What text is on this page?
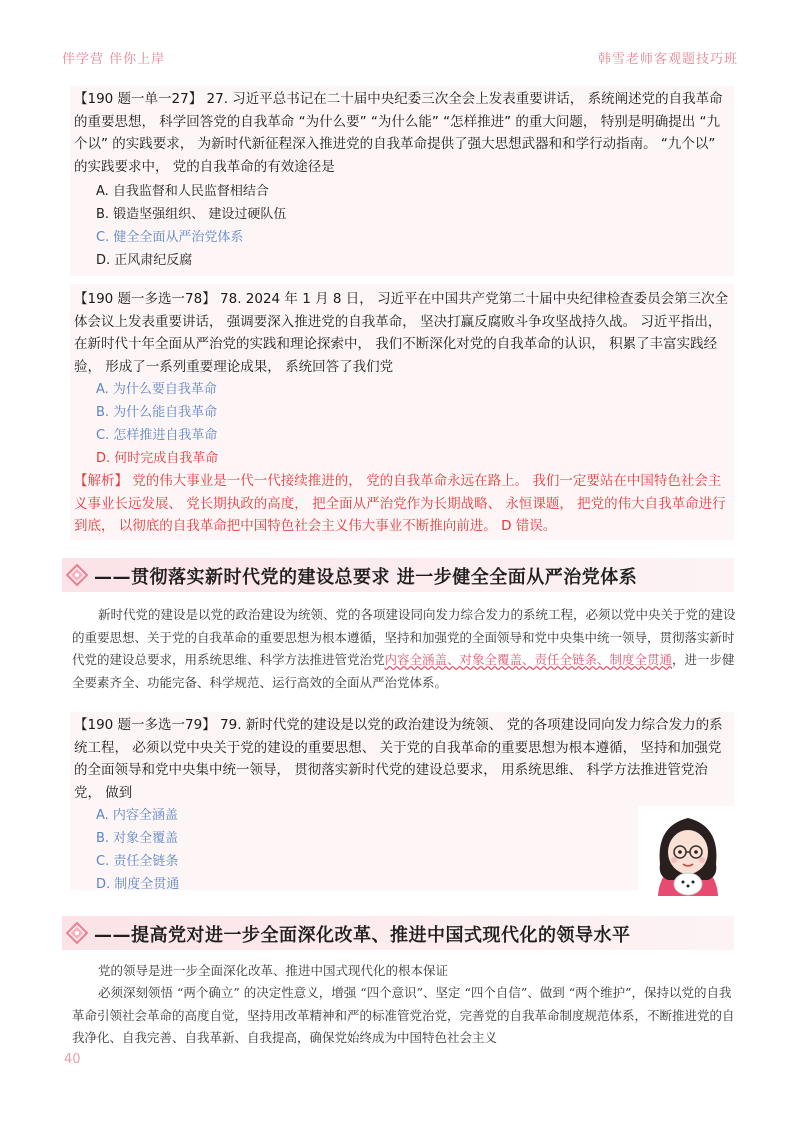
伴学营 伴你上岸	韩雪老师客观题技巧班
【190 题一单一27】 27. 习近平总书记在二十届中央纪委三次全会上发表重要讲话， 系统阐述党的自我革命的重要思想， 科学回答党的自我革命 “为什么要” “为什么能” “怎样推进” 的重大问题， 特别是明确提出 “九个以” 的实践要求， 为新时代新征程深入推进党的自我革命提供了强大思想武器和和学行动指南。 “九个以” 的实践要求中， 党的自我革命的有效途径是
A. 自我监督和人民监督相结合
B. 锻造坚强组织、 建设过硬队伍
C. 健全全面从严治党体系
D. 正风肃纪反腐
【190 题一多选一78】 78. 2024 年 1 月 8 日， 习近平在中国共产党第二十届中央纪律检查委员会第三次全体会议上发表重要讲话， 强调要深入推进党的自我革命， 坚决打赢反腐败斗争攻坚战持久战。 习近平指出， 在新时代十年全面从严治党的实践和理论探索中， 我们不断深化对党的自我革命的认识， 积累了丰富实践经验， 形成了一系列重要理论成果， 系统回答了我们党
A. 为什么要自我革命
B. 为什么能自我革命
C. 怎样推进自我革命
D. 何时完成自我革命
【解析】 党的伟大事业是一代一代接续推进的， 党的自我革命永远在路上。 我们一定要站在中国特色社会主义事业长远发展、 党长期执政的高度， 把全面从严治党作为长期战略、 永恒课题， 把党的伟大自我革命进行到底， 以彻底的自我革命把中国特色社会主义伟大事业不断推向前进。 D 错误。
——贯彻落实新时代党的建设总要求 进一步健全全面从严治党体系
新时代党的建设是以党的政治建设为统领、党的各项建设同向发力综合发力的系统工程，必须以党中央关于党的建设的重要思想、关于党的自我革命的重要思想为根本遵循，坚持和加强党的全面领导和党中央集中统一领导，贯彻落实新时代党的建设总要求，用系统思维、科学方法推进管党治党内容全涵盖、对象全覆盖、责任全链条、制度全贯通，进一步健全要素齐全、功能完备、科学规范、运行高效的全面从严治党体系。
【190 题一多选一79】 79. 新时代党的建设是以党的政治建设为统领、 党的各项建设同向发力综合发力的系统工程， 必须以党中央关于党的建设的重要思想、 关于党的自我革命的重要思想为根本遵循， 坚持和加强党的全面领导和党中央集中统一领导， 贯彻落实新时代党的建设总要求， 用系统思维、 科学方法推进管党治党， 做到
A. 内容全涵盖
B. 对象全覆盖
C. 责任全链条
D. 制度全贯通
——提高党对进一步全面深化改革、推进中国式现代化的领导水平
党的领导是进一步全面深化改革、推进中国式现代化的根本保证
必须深刻领悟 “两个确立” 的决定性意义，增强 “四个意识”、坚定 “四个自信”、做到 “两个维护”，保持以党的自我革命引领社会革命的高度自觉，坚持用改革精神和严的标准管党治党，完善党的自我革命制度规范体系，不断推进党的自我净化、自我完善、自我革新、自我提高，确保党始终成为中国特色社会主义
40
